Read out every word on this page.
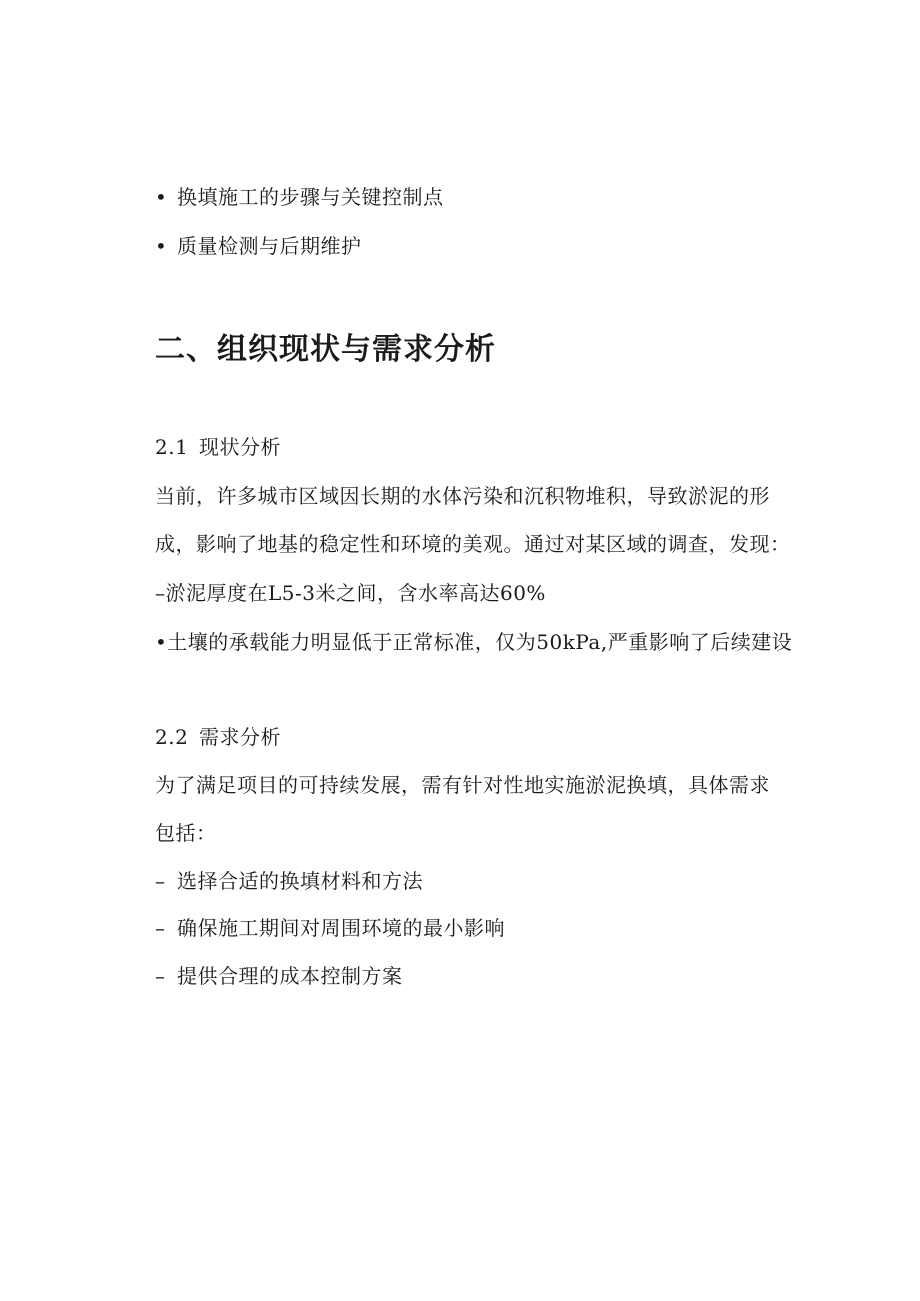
• 换填施工的步骤与关键控制点
• 质量检测与后期维护
二、组织现状与需求分析
2.1 现状分析
当前，许多城市区域因长期的水体污染和沉积物堆积，导致淤泥的形
成，影响了地基的稳定性和环境的美观。通过对某区域的调查，发现：
–淤泥厚度在L5-3米之间，含水率高达60%
•土壤的承载能力明显低于正常标准，仅为50kPa,严重影响了后续建设
2.2 需求分析
为了满足项目的可持续发展，需有针对性地实施淤泥换填，具体需求
包括：
– 选择合适的换填材料和方法
– 确保施工期间对周围环境的最小影响
– 提供合理的成本控制方案
